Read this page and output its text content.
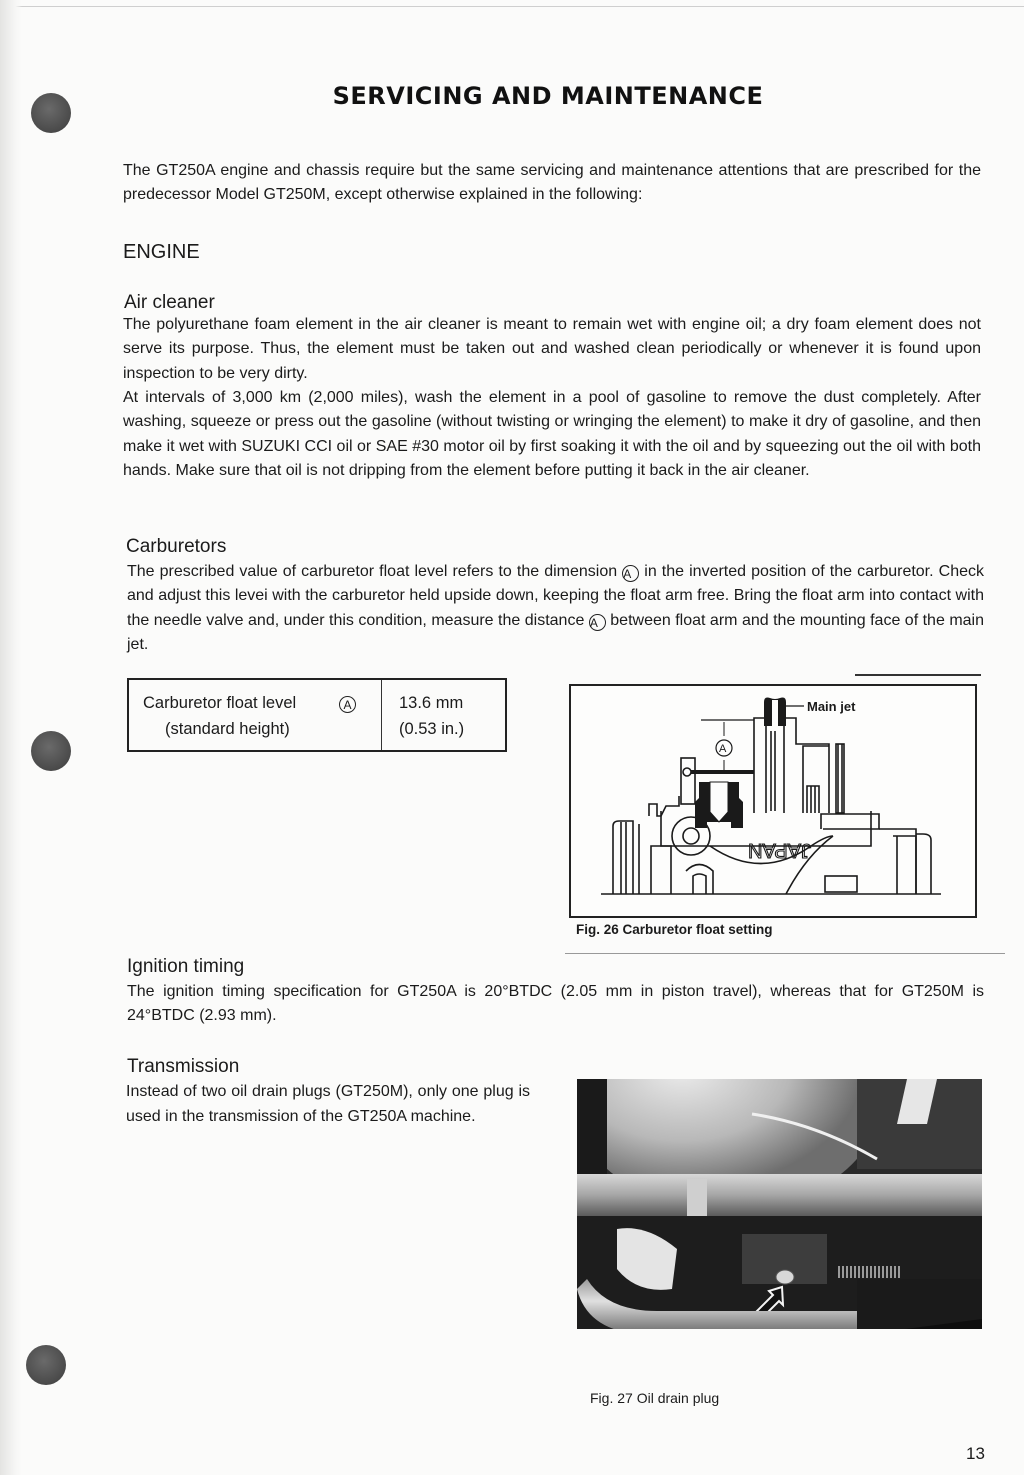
SERVICING AND MAINTENANCE
The GT250A engine and chassis require but the same servicing and maintenance attentions that are prescribed for the predecessor Model GT250M, except otherwise explained in the following:
ENGINE
Air cleaner
The polyurethane foam element in the air cleaner is meant to remain wet with engine oil; a dry foam element does not serve its purpose. Thus, the element must be taken out and washed clean periodically or whenever it is found upon inspection to be very dirty.
At intervals of 3,000 km (2,000 miles), wash the element in a pool of gasoline to remove the dust completely. After washing, squeeze or press out the gasoline (without twisting or wringing the element) to make it dry of gasoline, and then make it wet with SUZUKI CCI oil or SAE #30 motor oil by first soaking it with the oil and by squeezing out the oil with both hands. Make sure that oil is not dripping from the element before putting it back in the air cleaner.
Carburetors
The prescribed value of carburetor float level refers to the dimension A in the inverted position of the carburetor. Check and adjust this levei with the carburetor held upside down, keeping the float arm free. Bring the float arm into contact with the needle valve and, under this condition, measure the distance A between float arm and the mounting face of the main jet.
Carburetor float level	A
(standard height)
13.6 mm
(0.53 in.)
JAPAN
A
Main jet
Fig. 26 Carburetor float setting
Ignition timing
The ignition timing specification for GT250A is 20°BTDC (2.05 mm in piston travel), whereas that for GT250M is 24°BTDC (2.93 mm).
Transmission
Instead of two oil drain plugs (GT250M), only one plug is used in the transmission of the GT250A machine.
Fig. 27 Oil drain plug
13
